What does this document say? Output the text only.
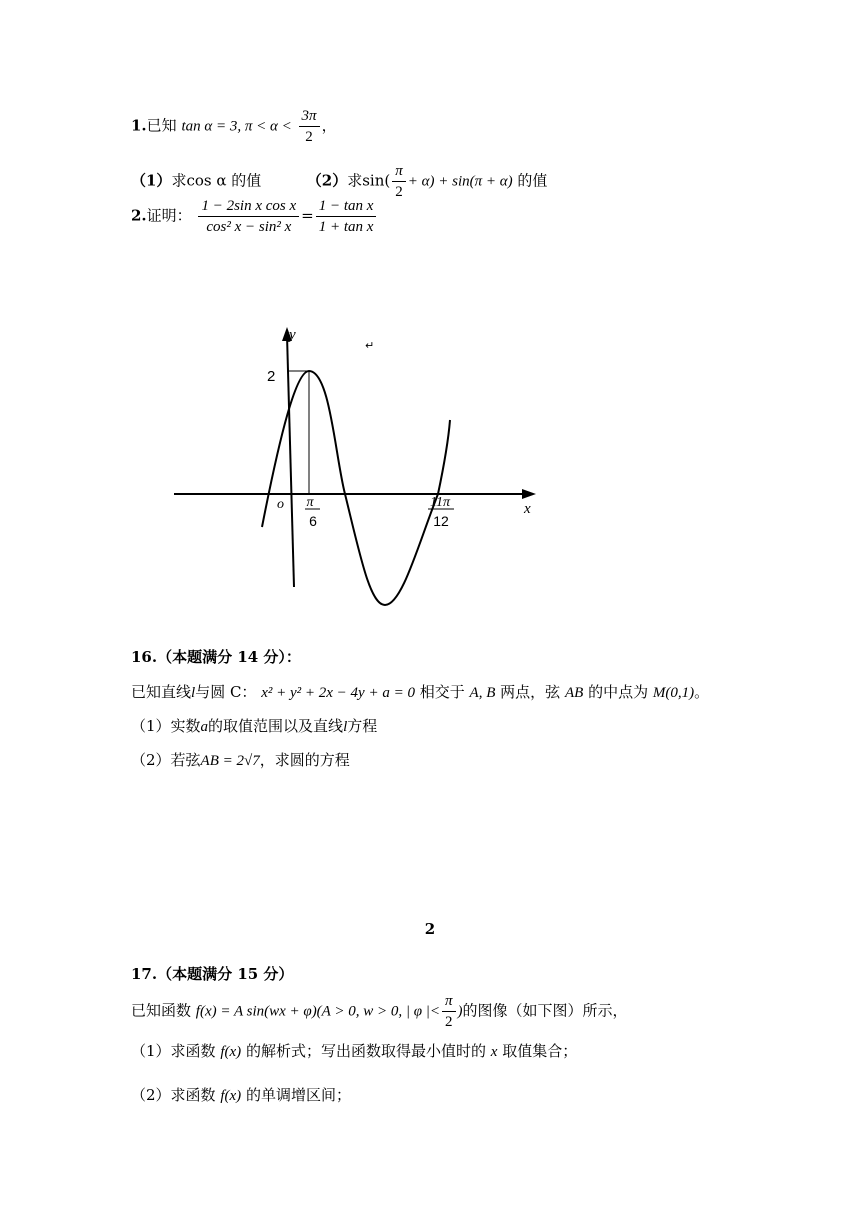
1.已知 tan α = 3, $\pi < \alpha < \frac{3\pi}{2}$ ，
（1）求cos α 的值	（2）求$\sin( \frac{\pi}{2} + \alpha) + \sin(\pi + \alpha)$ 的值
2.证明： $\frac{\text{1 − 2sin x cos x}}{\text{cos² x − sin² x}} = \frac{\text{1 − tan x}}{\text{1 + tan x}}$
y
x
o
2
π
6
11π
12
↵
16.（本题满分 14 分）：
已知直线l与圆 C： x² + y² + 2x − 4y + a = 0 相交于 A, B 两点，弦 AB 的中点为 M(0,1)。
（1）实数a的取值范围以及直线l方程
（2）若弦AB = 2√7，求圆的方程
2
17.（本题满分 15 分）
已知函数 f(x) = A sin(wx + φ)(A > 0, w > 0, | φ |< $\frac{\pi}{2}$ )的图像（如下图）所示，
（1）求函数 f(x) 的解析式；写出函数取得最小值时的 x 取值集合；
（2）求函数 f(x) 的单调增区间；
